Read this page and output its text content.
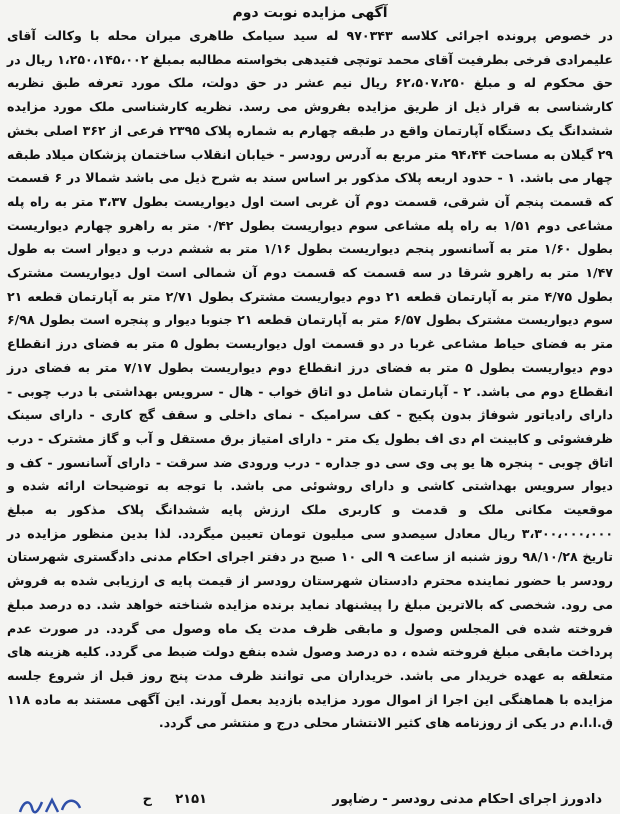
آگهی مزایده نوبت دوم

در خصوص پرونده اجرائی کلاسه ۹۷۰۳۴۳ له سید سیامک طاهری میران محله با وکالت آقای علیمرادی فرخی بطرفیت آقای محمد توتچی فتیدهی بخواسته مطالبه بمبلغ ۱،۲۵۰،۱۴۵،۰۰۲ ریال در حق محکوم له و مبلغ ۶۲،۵۰۷،۲۵۰ ریال نیم عشر در حق دولت، ملک مورد تعرفه طبق نظریه کارشناسی به قرار ذیل از طریق مزایده بفروش می رسد. نظریه کارشناسی ملک مورد مزایده ششدانگ یک دستگاه آپارتمان واقع در طبقه چهارم به شماره پلاک ۲۳۹۵ فرعی از ۳۶۲ اصلی بخش ۲۹ گیلان به مساحت ۹۴،۴۴ متر مربع به آدرس رودسر - خیابان انقلاب ساختمان پزشکان میلاد طبقه چهار می باشد. ۱ - حدود اربعه پلاک مذکور بر اساس سند به شرح ذیل می باشد شمالا در ۶ قسمت که قسمت پنجم آن شرقی، قسمت دوم آن غربی است اول دیواریست بطول ۳،۳۷ متر به راه پله مشاعی دوم ۱/۵۱ به راه پله مشاعی سوم دیواریست بطول ۰/۴۲ متر به راهرو چهارم دیواریست بطول ۱/۶۰ متر به آسانسور پنجم دیواریست بطول ۱/۱۶ متر به ششم درب و دیوار است به طول ۱/۴۷ متر به راهرو شرقا در سه قسمت که قسمت دوم آن شمالی است اول دیواریست مشترک بطول ۴/۷۵ متر به آپارتمان قطعه ۲۱ دوم دیواریست مشترک بطول ۲/۷۱ متر به آپارتمان قطعه ۲۱ سوم دیواریست مشترک بطول ۶/۵۷ متر به آپارتمان قطعه ۲۱ جنوبا دیوار و پنجره است بطول ۶/۹۸ متر به فضای حیاط مشاعی غربا در دو قسمت اول دیواریست بطول ۵ متر به فضای درز انقطاع دوم دیواریست بطول ۵ متر به فضای درز انقطاع دوم دیواریست بطول ۷/۱۷ متر به فضای درز انقطاع دوم می باشد. ۲ - آپارتمان شامل دو اتاق خواب - هال - سرویس بهداشتی با درب چوبی - دارای رادیاتور شوفاژ بدون پکیج - کف سرامیک - نمای داخلی و سقف گچ کاری - دارای سینک ظرفشوئی و کابینت ام دی اف بطول یک متر - دارای امتیاز برق مستقل و آب و گاز مشترک - درب اتاق چوبی - پنجره ها یو پی وی سی دو جداره - درب ورودی ضد سرقت - دارای آسانسور - کف و دیوار سرویس بهداشتی کاشی و دارای روشوئی می باشد. با توجه به توضیحات ارائه شده و موقعیت مکانی ملک و قدمت و کاربری ملک ارزش پایه ششدانگ پلاک مذکور به مبلغ ۳،۳۰۰،۰۰۰،۰۰۰ ریال معادل سیصدو سی میلیون تومان تعیین میگردد. لذا بدین منظور مزایده در تاریخ ۹۸/۱۰/۲۸ روز شنبه از ساعت ۹ الی ۱۰ صبح در دفتر اجرای احکام مدنی دادگستری شهرستان رودسر با حضور نماینده محترم دادستان شهرستان رودسر از قیمت پایه ی ارزیابی شده به فروش می رود. شخصی که بالاترین مبلغ را پیشنهاد نماید برنده مزایده شناخته خواهد شد. ده درصد مبلغ فروخته شده فی المجلس وصول و مابقی ظرف مدت یک ماه وصول می گردد. در صورت عدم پرداخت مابقی مبلغ فروخته شده ، ده درصد وصول شده بنفع دولت ضبط می گردد. کلیه هزینه های متعلقه به عهده خریدار می باشد. خریداران می توانند ظرف مدت پنج روز قبل از شروع جلسه مزایده با هماهنگی این اجرا از اموال مورد مزایده بازدید بعمل آورند. این آگهی مستند به ماده ۱۱۸ ق.ا.ا.م در یکی از روزنامه های کثیر الانتشار محلی درج و منتشر می گردد.

دادورز اجرای احکام مدنی رودسر - رضاپور
۲۱۵۱
ح
